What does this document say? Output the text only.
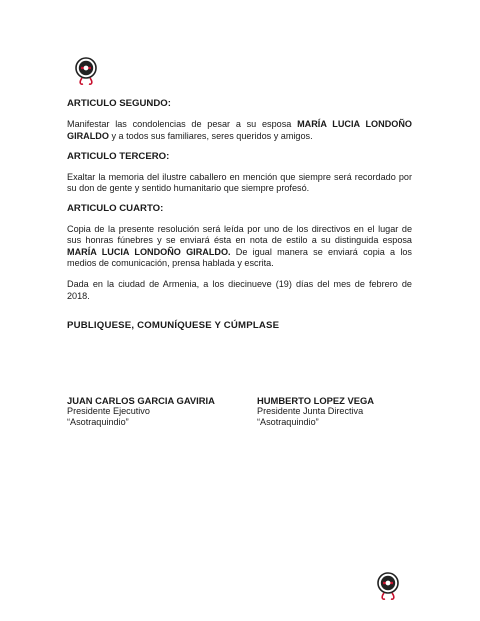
ARTICULO SEGUNDO:

Manifestar las condolencias de pesar a su esposa MARÍA LUCIA LONDOÑO GIRALDO y a todos sus familiares, seres queridos y amigos.

ARTICULO TERCERO:

Exaltar la memoria del ilustre caballero en mención que siempre será recordado por su don de gente y sentido humanitario que siempre profesó.

ARTICULO CUARTO:

Copia de la presente resolución será leída por uno de los directivos en el lugar de sus honras fúnebres y se enviará ésta en nota de estilo a su distinguida esposa MARÍA LUCIA LONDOÑO GIRALDO. De igual manera se enviará copia a los medios de comunicación, prensa hablada y escrita.

Dada en la ciudad de Armenia, a los diecinueve (19) días del mes de febrero de 2018.

PUBLIQUESE, COMUNÍQUESE Y CÚMPLASE

JUAN CARLOS GARCIA GAVIRIA
Presidente Ejecutivo
“Asotraquindio”
HUMBERTO LOPEZ VEGA
Presidente Junta Directiva
“Asotraquindio”
